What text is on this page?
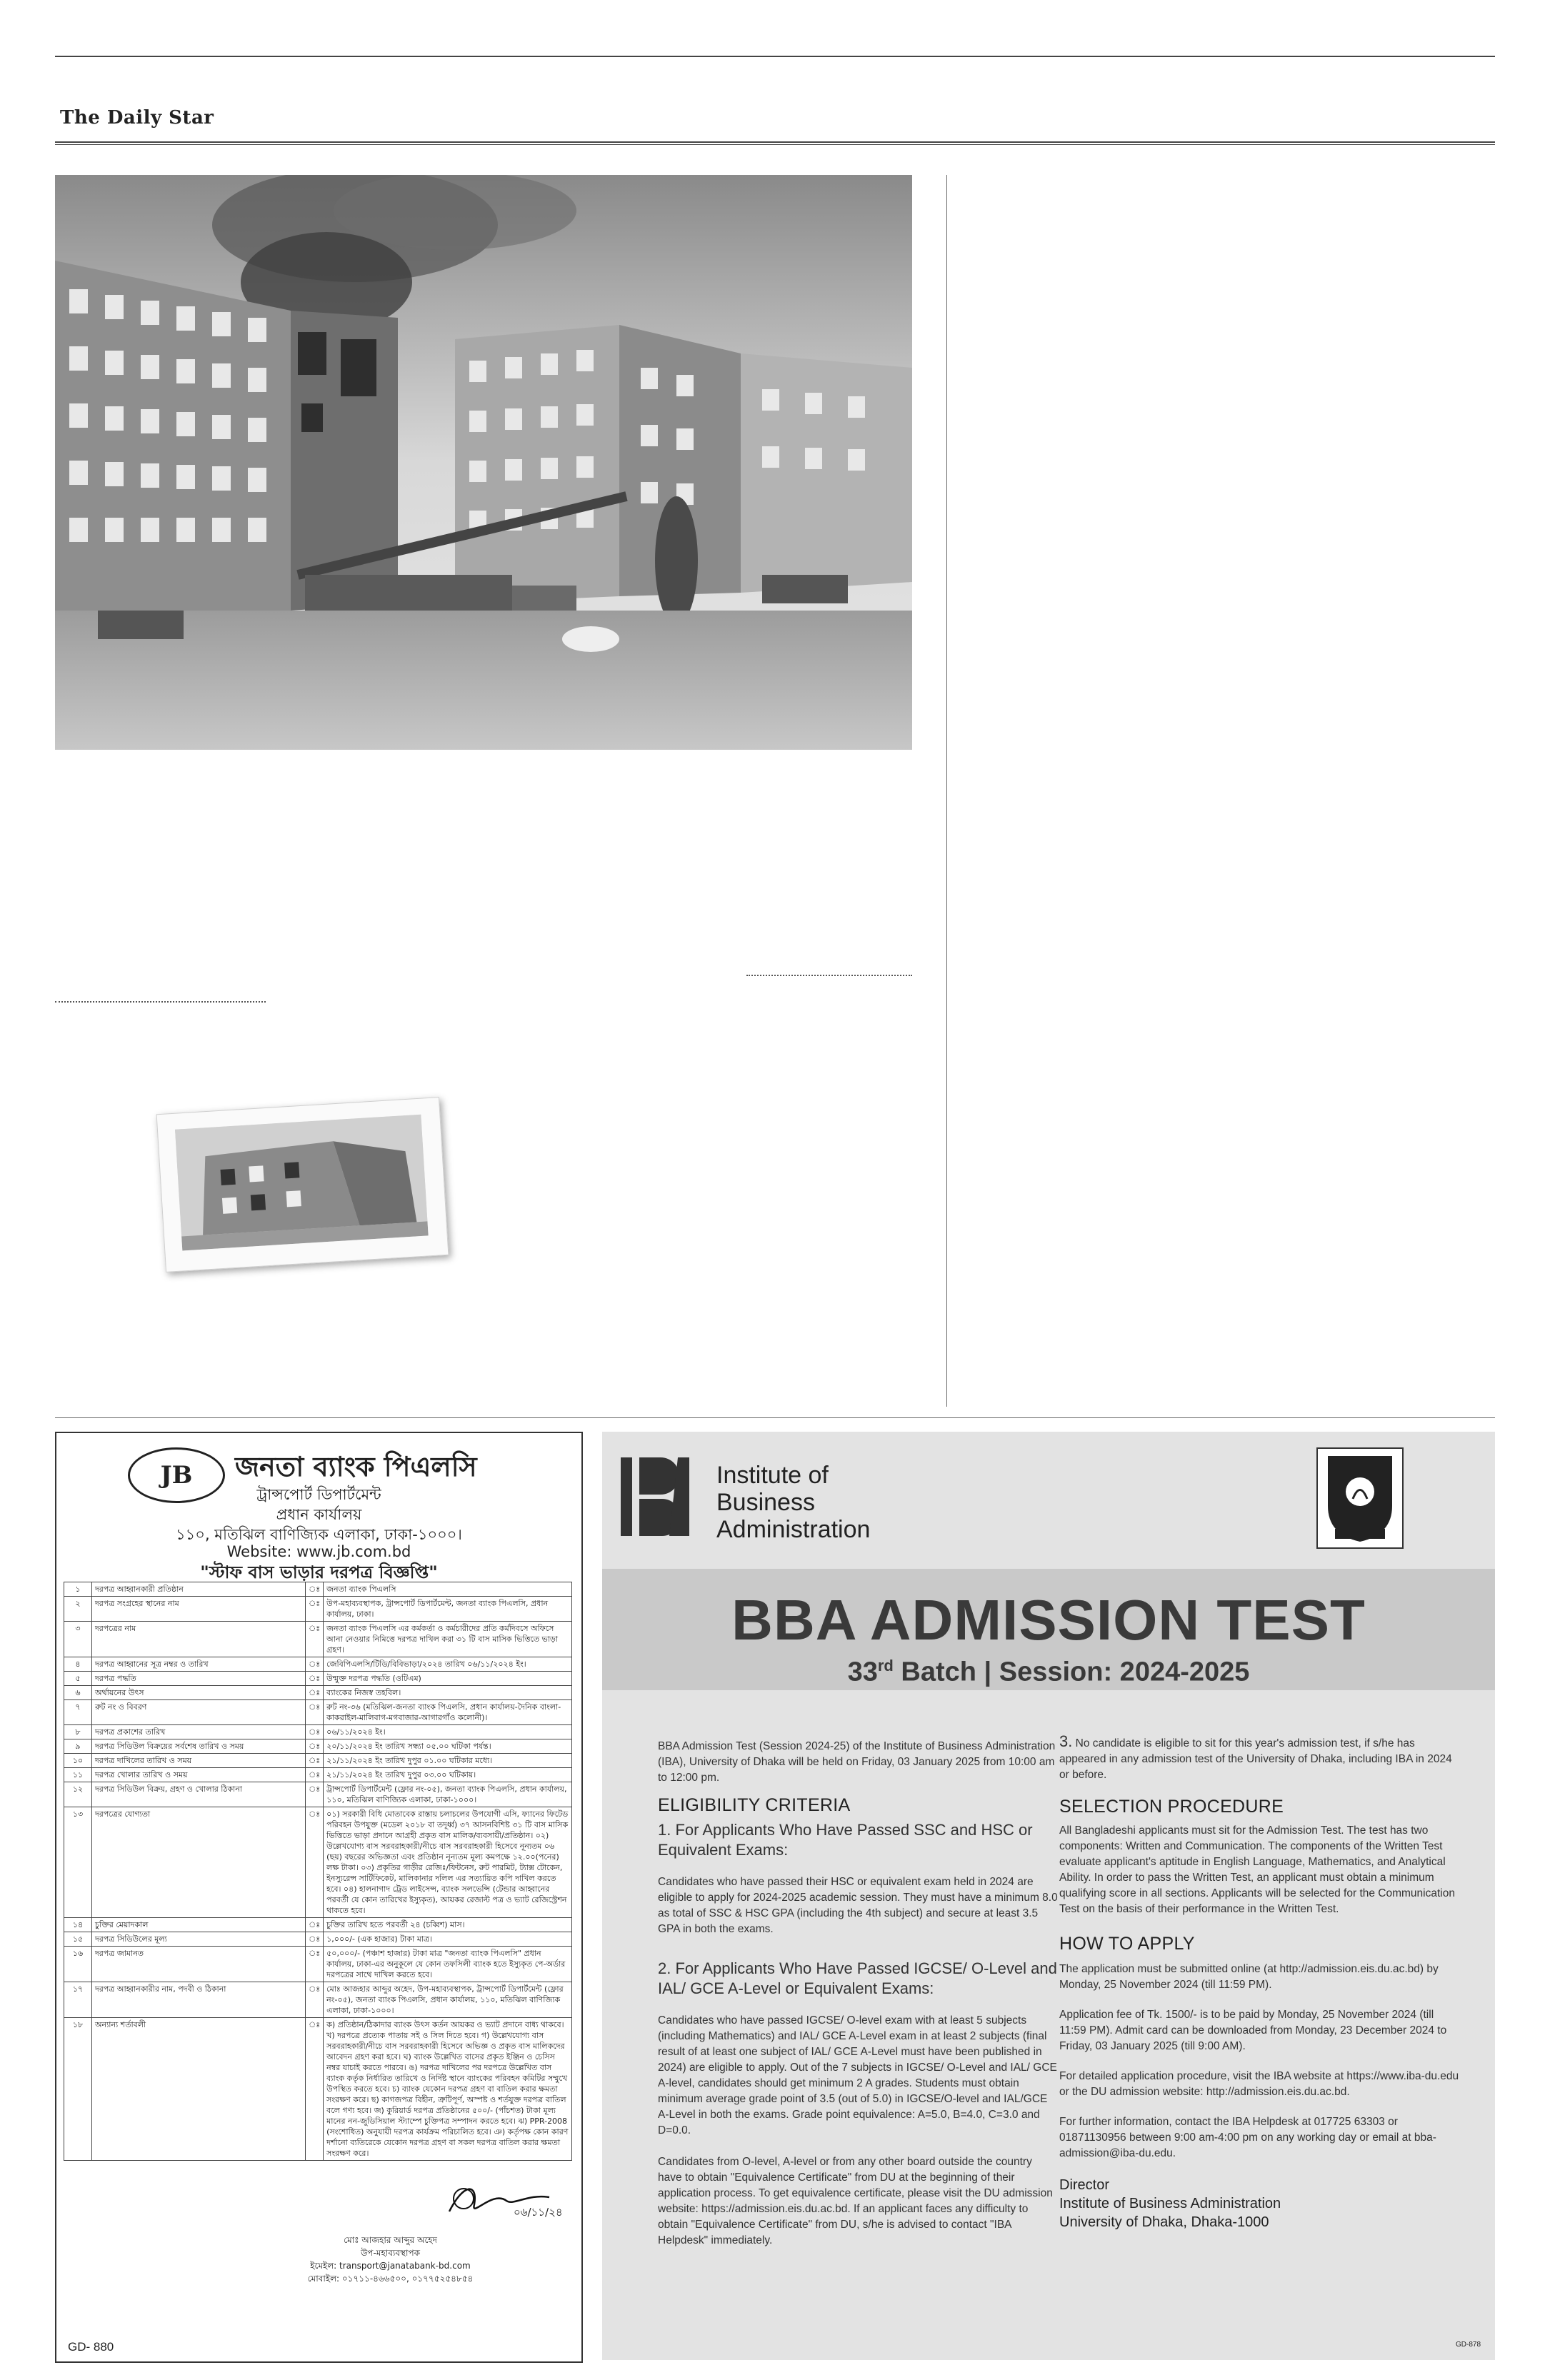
The Daily Star
JB	জনতা ব্যাংক পিএলসি
ট্রান্সপোর্ট ডিপার্টমেন্ট
প্রধান কার্যালয়
১১০, মতিঝিল বাণিজ্যিক এলাকা, ঢাকা-১০০০।
Website: www.jb.com.bd
"স্টাফ বাস ভাড়ার দরপত্র বিজ্ঞপ্তি"
১	দরপত্র আহ্বানকারী প্রতিষ্ঠান	ঃ	জনতা ব্যাংক পিএলসি
২	দরপত্র সংগ্রহের স্থানের নাম	ঃ	উপ-মহাব্যবস্থাপক, ট্রান্সপোর্ট ডিপার্টমেন্ট, জনতা ব্যাংক পিএলসি, প্রধান কার্যালয়, ঢাকা।
৩	দরপত্রের নাম	ঃ	জনতা ব্যাংক পিএলসি এর কর্মকর্তা ও কর্মচারীদের প্রতি কর্মদিবসে অফিসে আনা নেওয়ার নিমিত্তে দরপত্র দাখিল করা ৩১ টি বাস মাসিক ভিত্তিতে ভাড়া গ্রহণ।
৪	দরপত্র আহ্বানের সূত্র নম্বর ও তারিখ	ঃ	জেবিপিএলসি/টিডি/বিবিভাড়া/২০২৪ তারিখ ০৬/১১/২০২৪ ইং।
৫	দরপত্র পদ্ধতি	ঃ	উন্মুক্ত দরপত্র পদ্ধতি (ওটিএম)
৬	অর্থায়নের উৎস	ঃ	ব্যাংকের নিজস্ব তহবিল।
৭	রুট নং ও বিবরণ	ঃ	রুট নং-৩৬ (মতিঝিল-জনতা ব্যাংক পিএলসি, প্রধান কার্যালয়-দৈনিক বাংলা-কাকরাইল-মালিবাগ-মগবাজার-আগারগাঁও কলোনী)।
৮	দরপত্র প্রকাশের তারিখ	ঃ	০৬/১১/২০২৪ ইং।
৯	দরপত্র সিডিউল বিক্রয়ের সর্বশেষ তারিখ ও সময়	ঃ	২০/১১/২০২৪ ইং তারিখ সন্ধ্যা ০৫.০০ ঘটিকা পর্যন্ত।
১০	দরপত্র দাখিলের তারিখ ও সময়	ঃ	২১/১১/২০২৪ ইং তারিখ দুপুর ০১.০০ ঘটিকার মধ্যে।
১১	দরপত্র খোলার তারিখ ও সময়	ঃ	২১/১১/২০২৪ ইং তারিখ দুপুর ০৩.০০ ঘটিকায়।
১২	দরপত্র সিডিউল বিক্রয়, গ্রহণ ও খোলার ঠিকানা	ঃ	ট্রান্সপোর্ট ডিপার্টমেন্ট (ফ্লোর নং-০৫), জনতা ব্যাংক পিএলসি, প্রধান কার্যালয়, ১১০, মতিঝিল বাণিজ্যিক এলাকা, ঢাকা-১০০০।
১৩	দরপত্রের যোগ্যতা	ঃ	০১) সরকারী বিধি মোতাবেক রাস্তায় চলাচলের উপযোগী এসি, ফ্যানের ফিটেড পরিবহন উপযুক্ত (মডেল ২০১৮ বা তদূর্ধ্ব) ৩৭ আসনবিশিষ্ট ৩১ টি বাস মাসিক ভিত্তিতে ভাড়া প্রদানে আগ্রহী প্রকৃত বাস মালিক/ব্যবসায়ী/প্রতিষ্ঠান। ০২) উল্লেখযোগ্য বাস সরবরাহকারী/নীচে বাস সরবরাহকারী হিসেবে নূন্যতম ০৬ (ছয়) বছরের অভিজ্ঞতা এবং প্রতিষ্ঠান নূন্যতম মূল্য কমপক্ষে ১২.০০(পনের) লক্ষ টাকা। ০৩) প্রকৃতির গাড়ীর রেজিঃ/ফিটনেস, রুট পারমিট, ট্যাক্স টোকেন, ইনস্যুরেন্স সার্টিফিকেট, মালিকানার দলিল এর সত্যায়িত কপি দাখিল করতে হবে। ০৪) হালনাগাদ ট্রেড লাইসেন্স, ব্যাংক সলভেন্সি (টেন্ডার আহ্বানের পরবর্তী যে কোন তারিখের ইস্যুকৃত), আয়কর রেজাল্ট পত্র ও ভ্যাট রেজিস্ট্রেশন থাকতে হবে।
১৪	চুক্তির মেয়াদকাল	ঃ	চুক্তির তারিখ হতে পরবর্তী ২৪ (চব্বিশ) মাস।
১৫	দরপত্র সিডিউলের মূল্য	ঃ	১,০০০/- (এক হাজার) টাকা মাত্র।
১৬	দরপত্র জামানত	ঃ	৫০,০০০/- (পঞ্চাশ হাজার) টাকা মাত্র "জনতা ব্যাংক পিএলসি" প্রধান কার্যালয়, ঢাকা-এর অনুকূলে যে কোন তফসিলী ব্যাংক হতে ইস্যুকৃত পে-অর্ডার দরপত্রের সাথে দাখিল করতে হবে।
১৭	দরপত্র আহ্বানকারীর নাম, পদবী ও ঠিকানা	ঃ	মোঃ আজহার আব্দুর অহেদ, উপ-মহাব্যবস্থাপক, ট্রান্সপোর্ট ডিপার্টমেন্ট (ফ্লোর নং-০৫), জনতা ব্যাংক পিএলসি, প্রধান কার্যালয়, ১১০, মতিঝিল বাণিজ্যিক এলাকা, ঢাকা-১০০০।
১৮	অন্যান্য শর্তাবলী	ঃ	ক) প্রতিষ্ঠান/ঠিকাদার ব্যাংক উৎস কর্তন আয়কর ও ভ্যাট প্রদানে বাধ্য থাকবে। খ) দরপত্রে প্রত্যেক পাতায় সই ও সিল দিতে হবে। গ) উল্লেখযোগ্য বাস সরবরাহকারী/নীচে বাস সরবরাহকারী হিসেবে অভিজ্ঞ ও প্রকৃত বাস মালিকদের আবেদন গ্রহণ করা হবে। ঘ) ব্যাংক উল্লেখিত বাসের প্রকৃত ইঞ্জিন ও চেসিস নম্বর যাচাই করতে পারবে। ঙ) দরপত্র দাখিলের পর দরপত্রে উল্লেখিত বাস ব্যাংক কর্তৃক নির্ধারিত তারিখে ও নির্দিষ্ট স্থানে ব্যাংকের পরিবহন কমিটির সম্মুখে উপস্থিত করতে হবে। চ) ব্যাংক যেকোন দরপত্র গ্রহণ বা বাতিল করার ক্ষমতা সংরক্ষণ করে। ছ) কাগজপত্র বিহীন, ত্রুটিপূর্ণ, অস্পষ্ট ও শর্তযুক্ত দরপত্র বাতিল বলে গণ্য হবে। জ) কুরিয়ার্ড দরপত্র প্রতিষ্ঠানের ৫০০/- (পাঁচশত) টাকা মূল্য মানের নন-জুডিসিয়াল স্ট্যাম্পে চুক্তিপত্র সম্পাদন করতে হবে। ঝ) PPR-2008 (সংশোধিত) অনুযায়ী দরপত্র কার্যক্রম পরিচালিত হবে। ঞ) কর্তৃপক্ষ কোন কারণ দর্শানো ব্যতিরেকে যেকোন দরপত্র গ্রহণ বা সকল দরপত্র বাতিল করার ক্ষমতা সংরক্ষণ করে।
০৬/১১/২৪
মোঃ আজহার আব্দুর অহেদ
উপ-মহাব্যবস্থাপক
ইমেইল: transport@janatabank-bd.com
মোবাইল: ০১৭১১-৪৬৬৫০০, ০১৭৭৫২৫৪৮৫৪
GD- 880
Institute of
Business
Administration
BBA ADMISSION TEST
33rd Batch | Session: 2024-2025

BBA Admission Test (Session 2024-25) of the Institute of Business Administration (IBA), University of Dhaka will be held on Friday, 03 January 2025 from 10:00 am to 12:00 pm.

ELIGIBILITY CRITERIA
1. For Applicants Who Have Passed SSC and HSC or Equivalent Exams:

Candidates who have passed their HSC or equivalent exam held in 2024 are eligible to apply for 2024-2025 academic session. They must have a minimum 8.0 as total of SSC & HSC GPA (including the 4th subject) and secure at least 3.5 GPA in both the exams.

2. For Applicants Who Have Passed IGCSE/ O-Level and IAL/ GCE A-Level or Equivalent Exams:

Candidates who have passed IGCSE/ O-level exam with at least 5 subjects (including Mathematics) and IAL/ GCE A-Level exam in at least 2 subjects (final result of at least one subject of IAL/ GCE A-Level must have been published in 2024) are eligible to apply. Out of the 7 subjects in IGCSE/ O-Level and IAL/ GCE A-level, candidates should get minimum 2 A grades. Students must obtain minimum average grade point of 3.5 (out of 5.0) in IGCSE/O-level and IAL/GCE A-Level in both the exams. Grade point equivalence: A=5.0, B=4.0, C=3.0 and D=0.0.

Candidates from O-level, A-level or from any other board outside the country have to obtain "Equivalence Certificate" from DU at the beginning of their application process. To get equivalence certificate, please visit the DU admission website: https://admission.eis.du.ac.bd. If an applicant faces any difficulty to obtain "Equivalence Certificate" from DU, s/he is advised to contact "IBA Helpdesk" immediately.

3. No candidate is eligible to sit for this year's admission test, if s/he has appeared in any admission test of the University of Dhaka, including IBA in 2024 or before.

SELECTION PROCEDURE

All Bangladeshi applicants must sit for the Admission Test. The test has two components: Written and Communication. The components of the Written Test evaluate applicant's aptitude in English Language, Mathematics, and Analytical Ability. In order to pass the Written Test, an applicant must obtain a minimum qualifying score in all sections. Applicants will be selected for the Communication Test on the basis of their performance in the Written Test.

HOW TO APPLY

The application must be submitted online (at http://admission.eis.du.ac.bd) by Monday, 25 November 2024 (till 11:59 PM).

Application fee of Tk. 1500/- is to be paid by Monday, 25 November 2024 (till 11:59 PM). Admit card can be downloaded from Monday, 23 December 2024 to Friday, 03 January 2025 (till 9:00 AM).

For detailed application procedure, visit the IBA website at https://www.iba-du.edu or the DU admission website: http://admission.eis.du.ac.bd.

For further information, contact the IBA Helpdesk at 017725 63303 or 01871130956 between 9:00 am-4:00 pm on any working day or email at bba-admission@iba-du.edu.

Director
Institute of Business Administration
University of Dhaka, Dhaka-1000
GD-878
